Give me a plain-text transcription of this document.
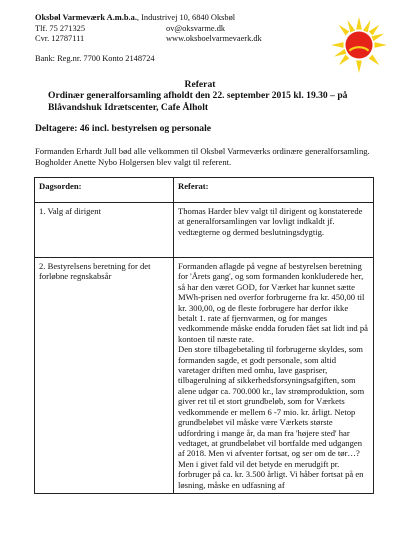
Oksbøl Varmeværk A.m.b.a., Industrivej 10, 6840 Oksbøl
Tlf. 75 271325	ov@oksvarme.dk
Cvr. 12787111	www.oksboelvarmevaerk.dk
Bank: Reg.nr. 7700 Konto 2148724
Referat
Ordinær generalforsamling afholdt den 22. september 2015 kl. 19.30 – på Blåvandshuk Idrætscenter, Cafe Ålholt
Deltagere: 46 incl. bestyrelsen og personale
Formanden Erhardt Jull bød alle velkommen til Oksbøl Varmeværks ordinære generalforsamling.
Bogholder Anette Nybo Holgersen blev valgt til referent.
Dagsorden:	Referat:
1. Valg af dirigent	Thomas Harder blev valgt til dirigent og konstaterede at generalforsamlingen var lovligt indkaldt jf. vedtægterne og dermed beslutningsdygtig.
2. Bestyrelsens beretning for det forløbne regnskabsår	Formanden aflagde på vegne af bestyrelsen beretning for 'Årets gang', og som formanden konkluderede her, så har den været GOD, for Værket har kunnet sætte MWh-prisen ned overfor forbrugerne fra kr. 450,00 til kr. 300,00, og de fleste forbrugere har derfor ikke betalt 1. rate af fjernvarmen, og for manges vedkommende måske endda foruden fået sat lidt ind på kontoen til næste rate.

Den store tilbagebetaling til forbrugerne skyldes, som formanden sagde, et godt personale, som altid varetager driften med omhu, lave gaspriser, tilbagerulning af sikkerhedsforsyningsafgiften, som alene udgør ca. 700.000 kr., lav strømproduktion, som giver ret til et stort grundbeløb, som for Værkets vedkommende er mellem 6 -7 mio. kr. årligt. Netop grundbeløbet vil måske være Værkets største udfordring i mange år, da man fra 'højere sted' har vedtaget, at grundbeløbet vil bortfalde med udgangen af 2018. Men vi afventer fortsat, og ser om de tør…? Men i givet fald vil det betyde en merudgift pr. forbruger på ca. kr. 3.500 årligt. Vi håber fortsat på en løsning, måske en udfasning af
